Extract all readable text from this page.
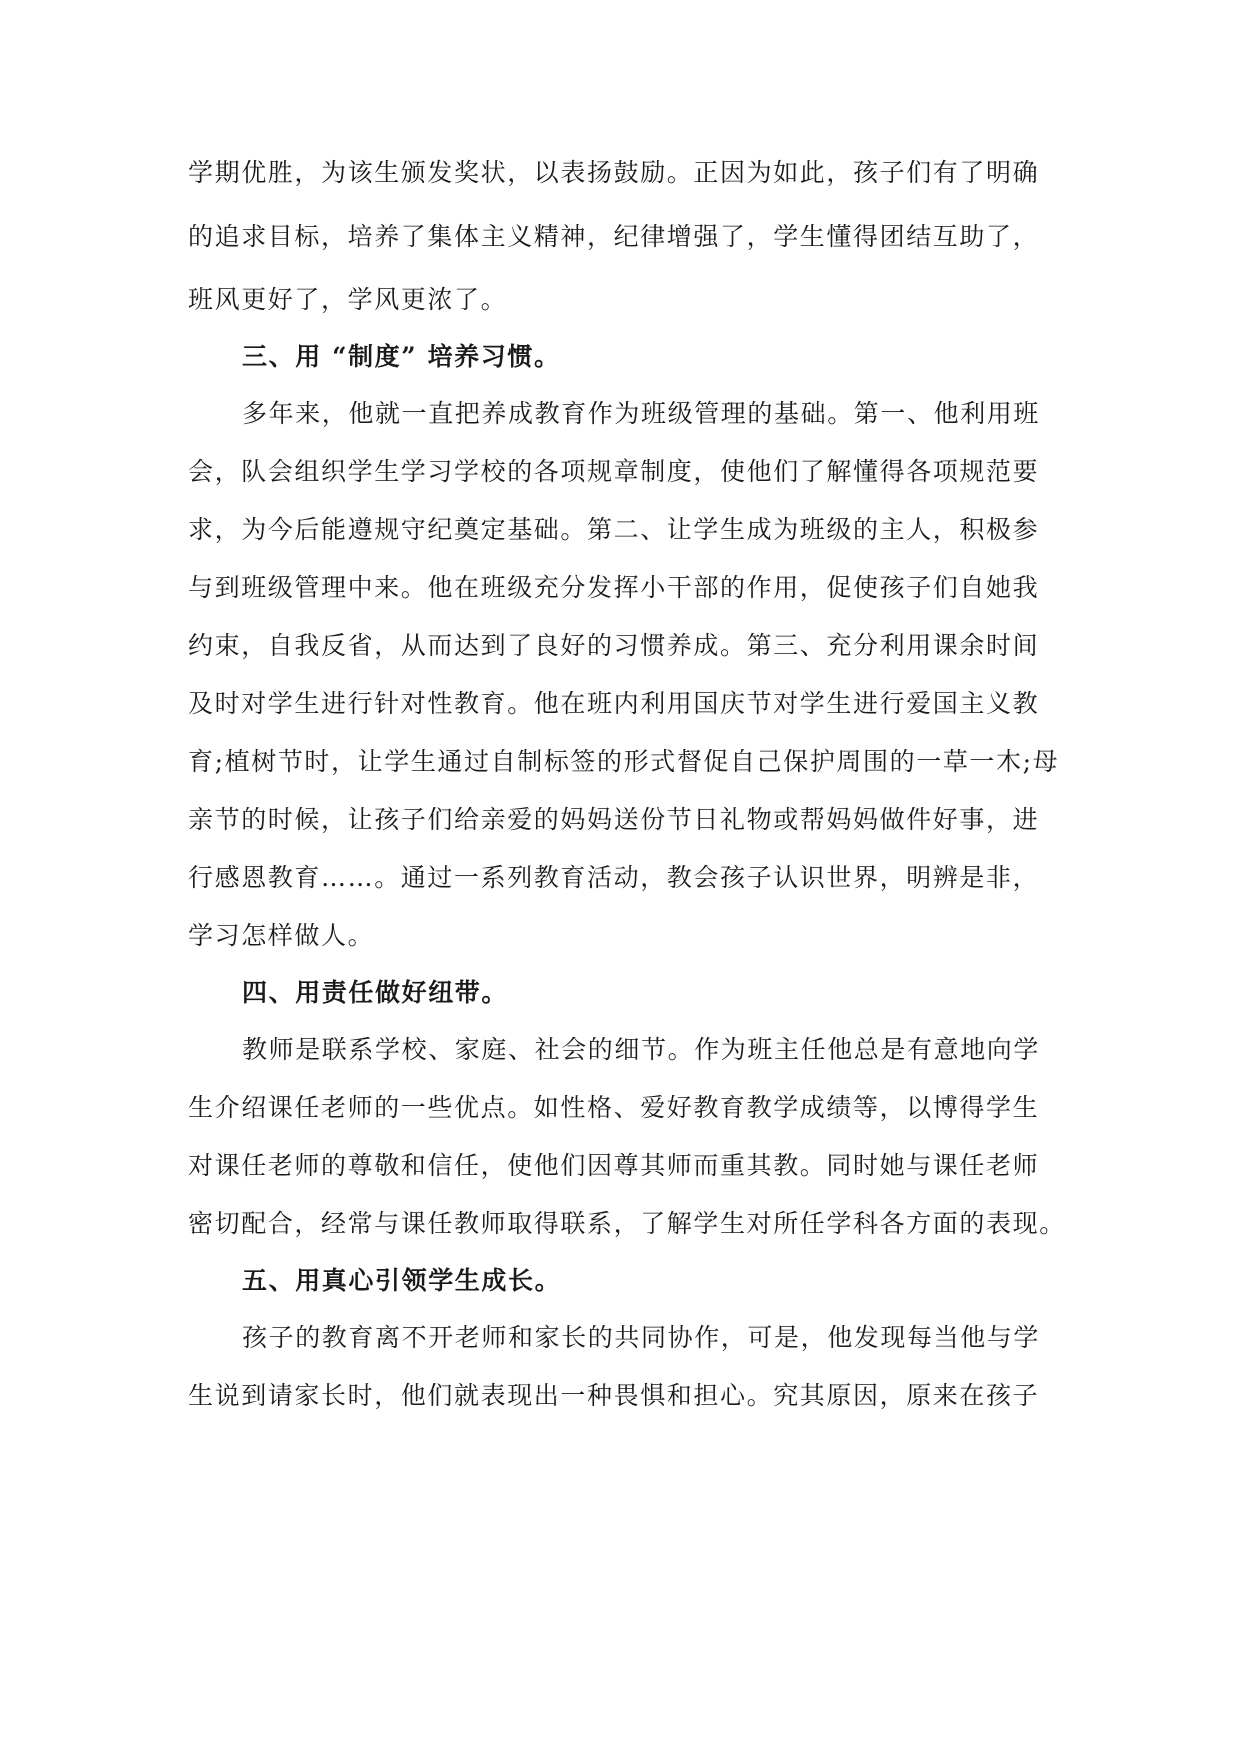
学期优胜，为该生颁发奖状，以表扬鼓励。正因为如此，孩子们有了明确
的追求目标，培养了集体主义精神，纪律增强了，学生懂得团结互助了，
班风更好了，学风更浓了。
三、用 “制度” 培养习惯。
多年来，他就一直把养成教育作为班级管理的基础。第一、他利用班
会，队会组织学生学习学校的各项规章制度，使他们了解懂得各项规范要
求，为今后能遵规守纪奠定基础。第二、让学生成为班级的主人，积极参
与到班级管理中来。他在班级充分发挥小干部的作用，促使孩子们自她我
约束，自我反省，从而达到了良好的习惯养成。第三、充分利用课余时间
及时对学生进行针对性教育。他在班内利用国庆节对学生进行爱国主义教
育;植树节时，让学生通过自制标签的形式督促自己保护周围的一草一木;母
亲节的时候，让孩子们给亲爱的妈妈送份节日礼物或帮妈妈做件好事，进
行感恩教育……。通过一系列教育活动，教会孩子认识世界，明辨是非，
学习怎样做人。
四、用责任做好纽带。
教师是联系学校、家庭、社会的细节。作为班主任他总是有意地向学
生介绍课任老师的一些优点。如性格、爱好教育教学成绩等，以博得学生
对课任老师的尊敬和信任，使他们因尊其师而重其教。同时她与课任老师
密切配合，经常与课任教师取得联系，了解学生对所任学科各方面的表现。
五、用真心引领学生成长。
孩子的教育离不开老师和家长的共同协作，可是，他发现每当他与学
生说到请家长时，他们就表现出一种畏惧和担心。究其原因，原来在孩子
